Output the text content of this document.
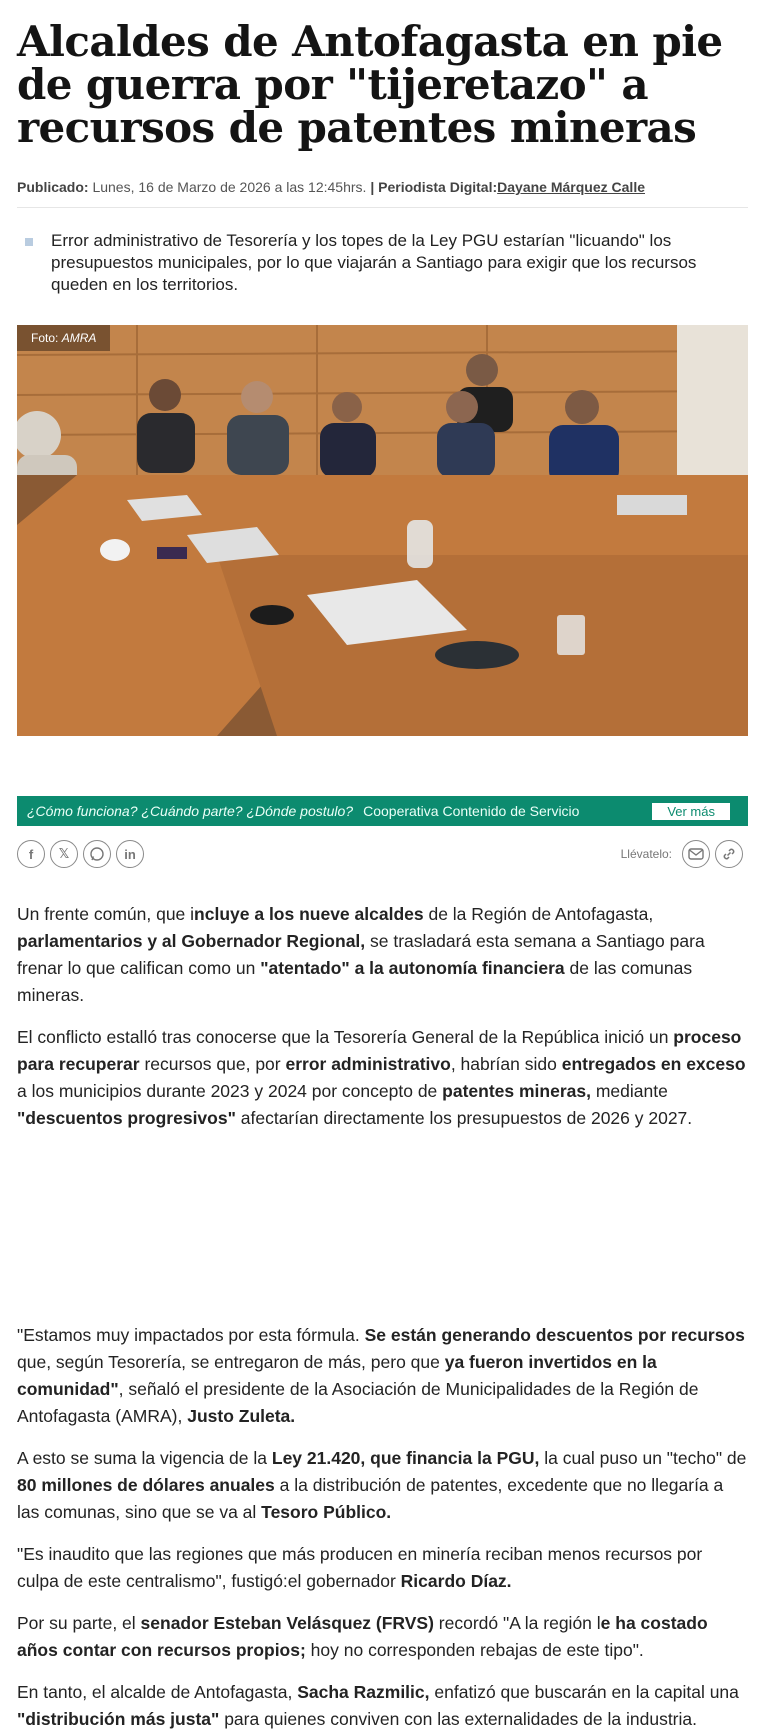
Alcaldes de Antofagasta en pie de guerra por "tijeretazo" a recursos de patentes mineras
Publicado: Lunes, 16 de Marzo de 2026 a las 12:45hrs. | Periodista Digital:Dayane Márquez Calle
Error administrativo de Tesorería y los topes de la Ley PGU estarían "licuando" los presupuestos municipales, por lo que viajarán a Santiago para exigir que los recursos queden en los territorios.
Foto: AMRA
¿Cómo funciona? ¿Cuándo parte? ¿Dónde postulo? Cooperativa Contenido de Servicio	Ver más
f	𝕏	in	Llévatelo:

Un frente común, que incluye a los nueve alcaldes de la Región de Antofagasta, parlamentarios y al Gobernador Regional, se trasladará esta semana a Santiago para frenar lo que califican como un "atentado" a la autonomía financiera de las comunas mineras.

El conflicto estalló tras conocerse que la Tesorería General de la República inició un proceso para recuperar recursos que, por error administrativo, habrían sido entregados en exceso a los municipios durante 2023 y 2024 por concepto de patentes mineras, mediante "descuentos progresivos" afectarían directamente los presupuestos de 2026 y 2027.

"Estamos muy impactados por esta fórmula. Se están generando descuentos por recursos que, según Tesorería, se entregaron de más, pero que ya fueron invertidos en la comunidad", señaló el presidente de la Asociación de Municipalidades de la Región de Antofagasta (AMRA), Justo Zuleta.

A esto se suma la vigencia de la Ley 21.420, que financia la PGU, la cual puso un "techo" de 80 millones de dólares anuales a la distribución de patentes, excedente que no llegaría a las comunas, sino que se va al Tesoro Público.

"Es inaudito que las regiones que más producen en minería reciban menos recursos por culpa de este centralismo", fustigó:el gobernador Ricardo Díaz.

Por su parte, el senador Esteban Velásquez (FRVS) recordó "A la región le ha costado años contar con recursos propios; hoy no corresponden rebajas de este tipo".

En tanto, el alcalde de Antofagasta, Sacha Razmilic, enfatizó que buscarán en la capital una "distribución más justa" para quienes conviven con las externalidades de la industria.
